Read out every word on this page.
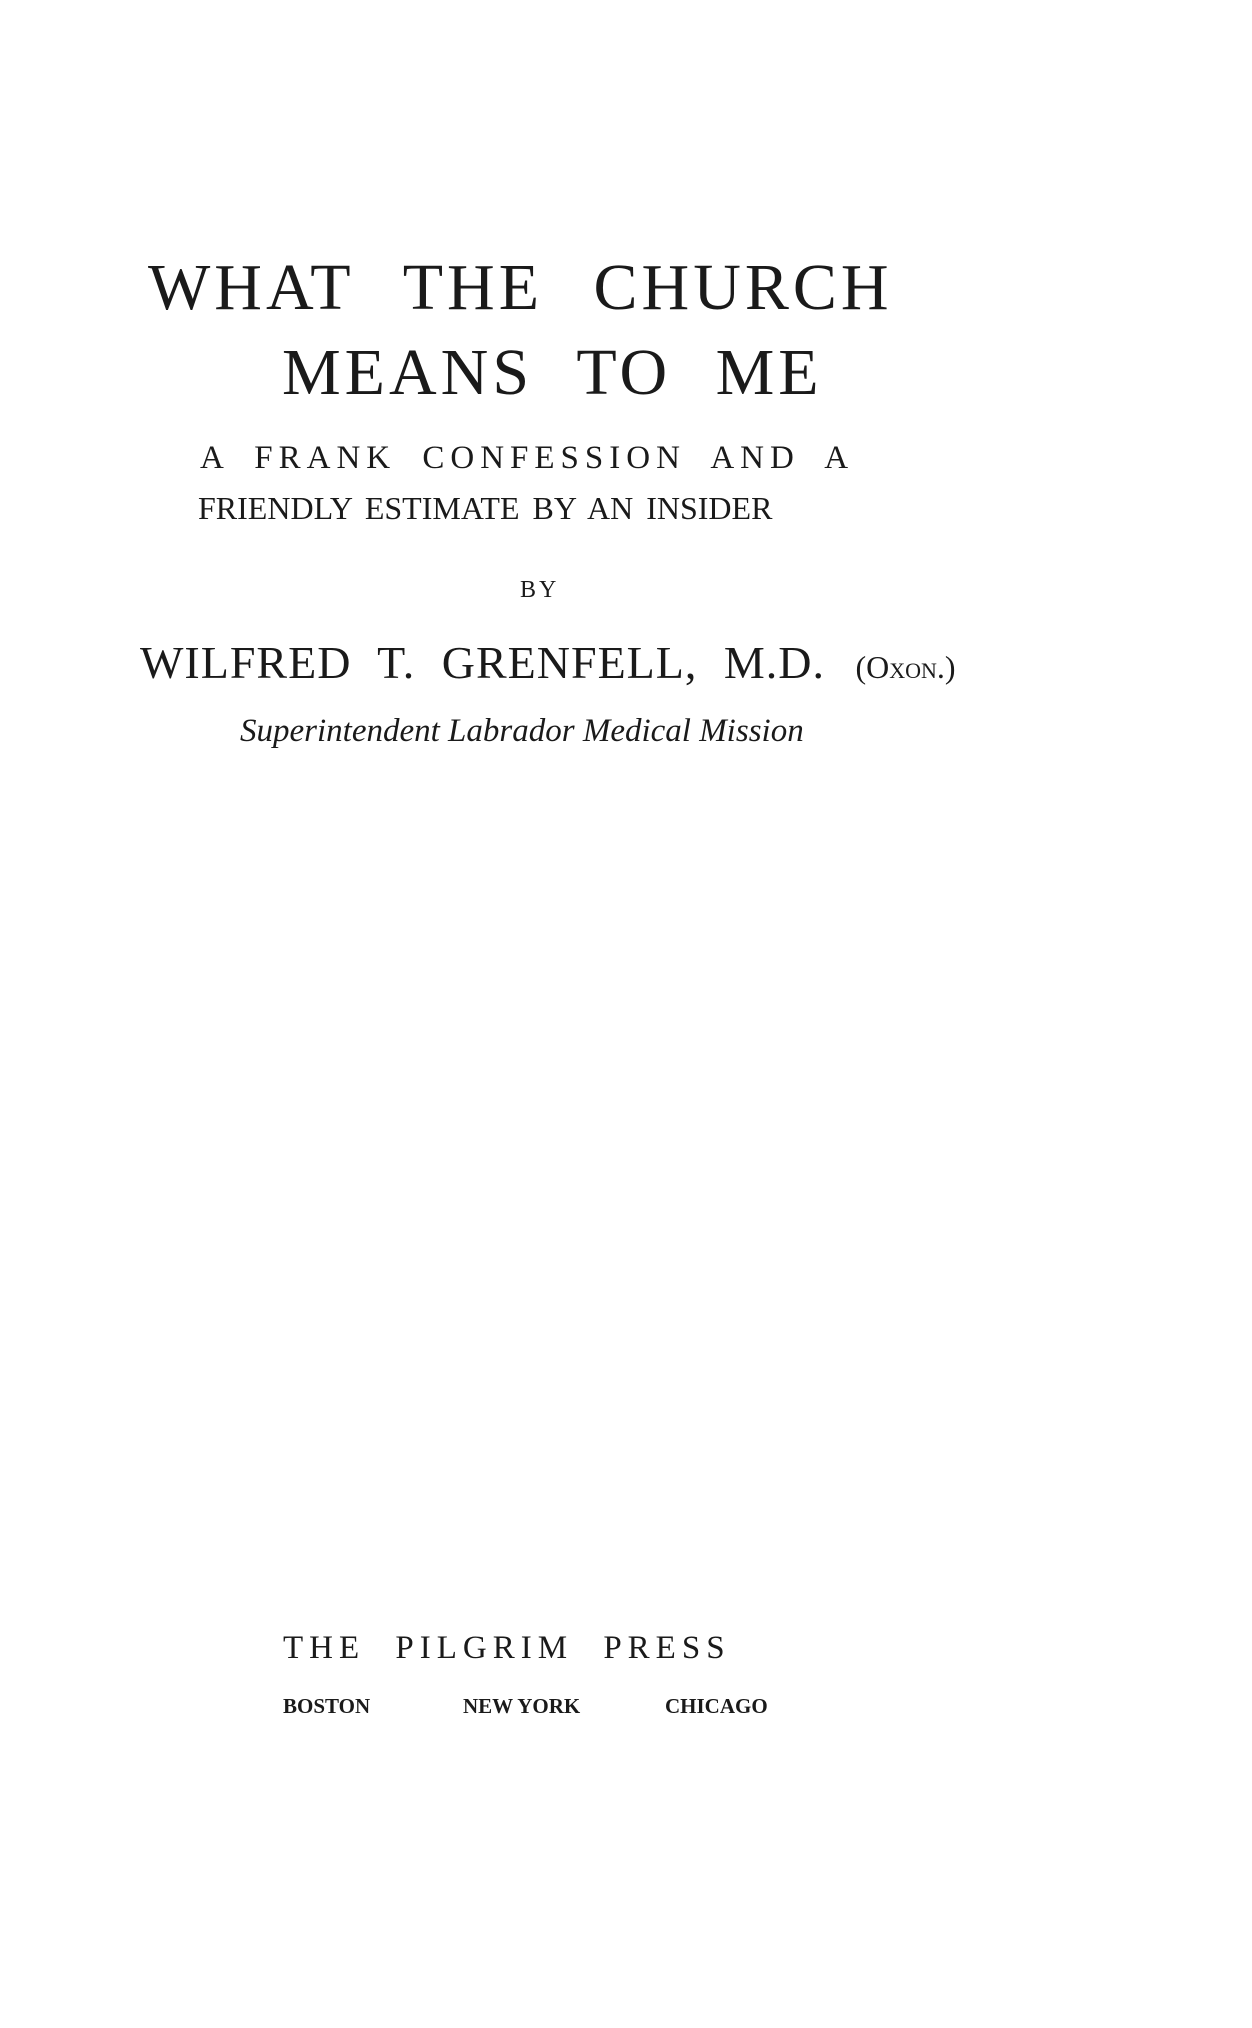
WHAT THE CHURCH
MEANS TO ME

A FRANK CONFESSION AND A

FRIENDLY ESTIMATE BY AN INSIDER

BY

WILFRED T. GRENFELL, M.D. (Oxon.)

Superintendent Labrador Medical Mission

THE PILGRIM PRESS

BOSTON	NEW YORK	CHICAGO
